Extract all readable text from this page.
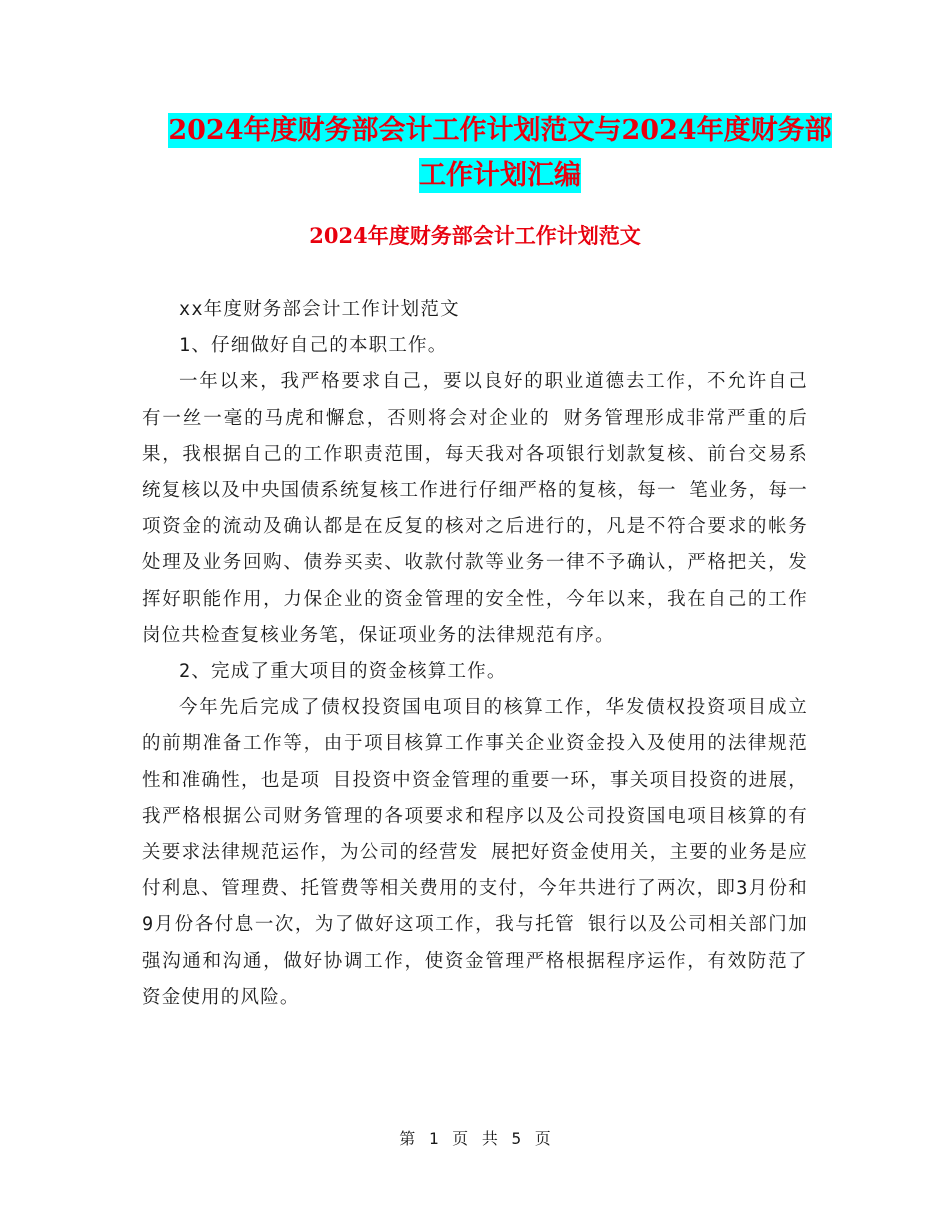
2024年度财务部会计工作计划范文与2024年度财务部
工作计划汇编
2024年度财务部会计工作计划范文

xx年度财务部会计工作计划范文

1、仔细做好自己的本职工作。

一年以来，我严格要求自己，要以良好的职业道德去工作，不允许自己有一丝一毫的马虎和懈怠，否则将会对企业的 财务管理形成非常严重的后果，我根据自己的工作职责范围，每天我对各项银行划款复核、前台交易系统复核以及中央国债系统复核工作进行仔细严格的复核，每一 笔业务，每一项资金的流动及确认都是在反复的核对之后进行的，凡是不符合要求的帐务处理及业务回购、债券买卖、收款付款等业务一律不予确认，严格把关，发 挥好职能作用，力保企业的资金管理的安全性，今年以来，我在自己的工作岗位共检查复核业务笔，保证项业务的法律规范有序。

2、完成了重大项目的资金核算工作。

今年先后完成了债权投资国电项目的核算工作，华发债权投资项目成立的前期准备工作等，由于项目核算工作事关企业资金投入及使用的法律规范性和准确性，也是项 目投资中资金管理的重要一环，事关项目投资的进展，我严格根据公司财务管理的各项要求和程序以及公司投资国电项目核算的有关要求法律规范运作，为公司的经营发 展把好资金使用关，主要的业务是应付利息、管理费、托管费等相关费用的支付，今年共进行了两次，即3月份和9月份各付息一次，为了做好这项工作，我与托管 银行以及公司相关部门加强沟通和沟通，做好协调工作，使资金管理严格根据程序运作，有效防范了资金使用的风险。

第 1 页 共 5 页
